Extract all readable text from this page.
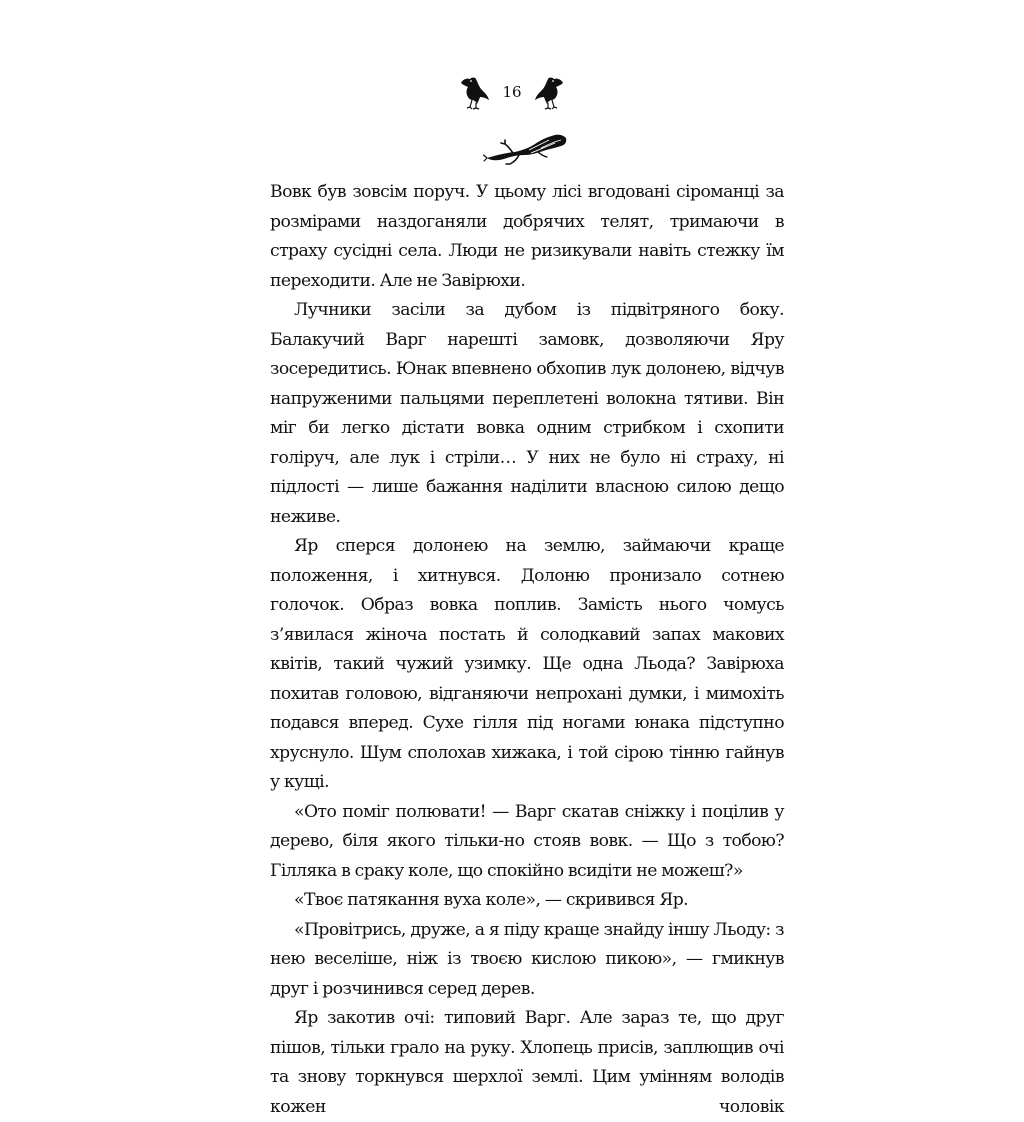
16

Вовк був зовсім поруч. У цьому лісі вгодовані сіроманці за розмірами наздоганяли добрячих телят, тримаючи в страху сусідні села. Люди не ризикували навіть стежку їм переходити. Але не Завірюхи.

Лучники засіли за дубом із підвітряного боку. Балакучий Варг нарешті замовк, дозволяючи Яру зосередитись. Юнак впевнено обхопив лук долонею, відчув напруженими пальцями переплетені волокна тятиви. Він міг би легко дістати вовка одним стрибком і схопити голіруч, але лук і стріли… У них не було ні страху, ні підлості — лише бажання наділити власною силою дещо неживе.

Яр сперся долонею на землю, займаючи краще положення, і хитнувся. Долоню пронизало сотнею голочок. Образ вовка поплив. Замість нього чомусь з’явилася жіноча постать й солодкавий запах макових квітів, такий чужий узимку. Ще одна Льода? Завірюха похитав головою, відганяючи непрохані думки, і мимохіть подався вперед. Сухе гілля під ногами юнака підступно хруснуло. Шум сполохав хижака, і той сірою тінню гайнув у кущі.

«Ото поміг полювати! — Варг скатав сніжку і поцілив у дерево, біля якого тільки-но стояв вовк. — Що з тобою? Гілляка в сраку коле, що спокійно всидіти не можеш?»

«Твоє патякання вуха коле», — скривився Яр.

«Провітрись, друже, а я піду краще знайду іншу Льоду: з нею веселіше, ніж із твоєю кислою пикою», — гмикнув друг і розчинився серед дерев.

Яр закотив очі: типовий Варг. Але зараз те, що друг пішов, тільки грало на руку. Хлопець присів, заплющив очі та знову торкнувся шерхлої землі. Цим умінням володів кожен чоловік
